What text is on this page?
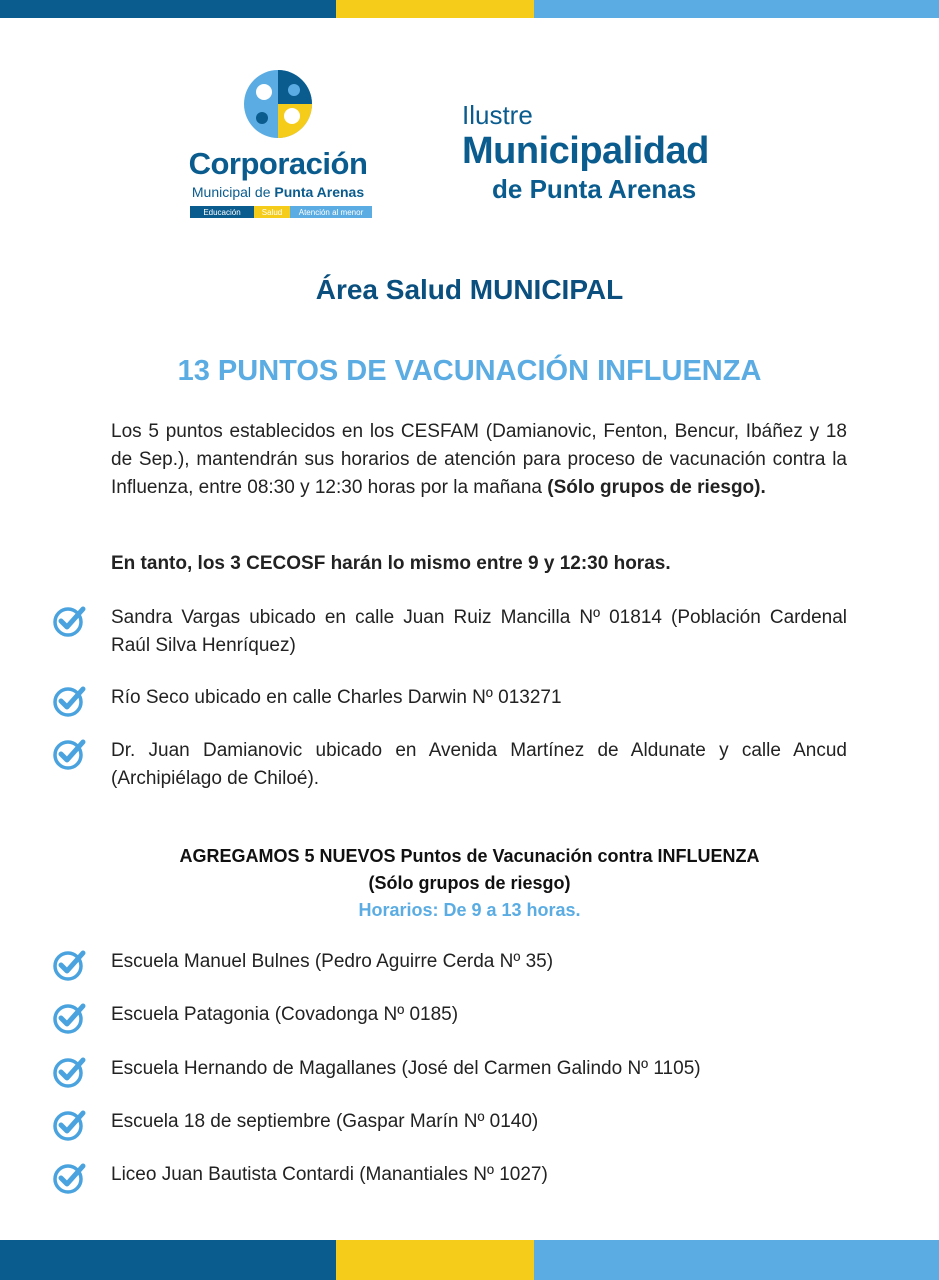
Corporación
Municipal de Punta Arenas
Educación	Salud	Atención al menor
Ilustre
Municipalidad
de Punta Arenas
Área Salud MUNICIPAL
13 PUNTOS DE VACUNACIÓN INFLUENZA
Los 5 puntos establecidos en los CESFAM (Damianovic, Fenton, Bencur, Ibáñez y 18 de Sep.), mantendrán sus horarios de atención para proceso de vacunación contra la Influenza, entre 08:30 y 12:30 horas por la mañana (Sólo grupos de riesgo).
En tanto, los 3 CECOSF harán lo mismo entre 9 y 12:30 horas.
Sandra Vargas ubicado en calle Juan Ruiz Mancilla Nº 01814 (Población Cardenal Raúl Silva Henríquez)
Río Seco ubicado en calle Charles Darwin Nº 013271
Dr. Juan Damianovic ubicado en Avenida Martínez de Aldunate y calle Ancud (Archipiélago de Chiloé).
AGREGAMOS 5 NUEVOS Puntos de Vacunación contra INFLUENZA
(Sólo grupos de riesgo)
Horarios: De 9 a 13 horas.
Escuela Manuel Bulnes (Pedro Aguirre Cerda Nº 35)
Escuela Patagonia (Covadonga Nº 0185)
Escuela Hernando de Magallanes (José del Carmen Galindo Nº 1105)
Escuela 18 de septiembre (Gaspar Marín Nº 0140)
Liceo Juan Bautista Contardi (Manantiales Nº 1027)
